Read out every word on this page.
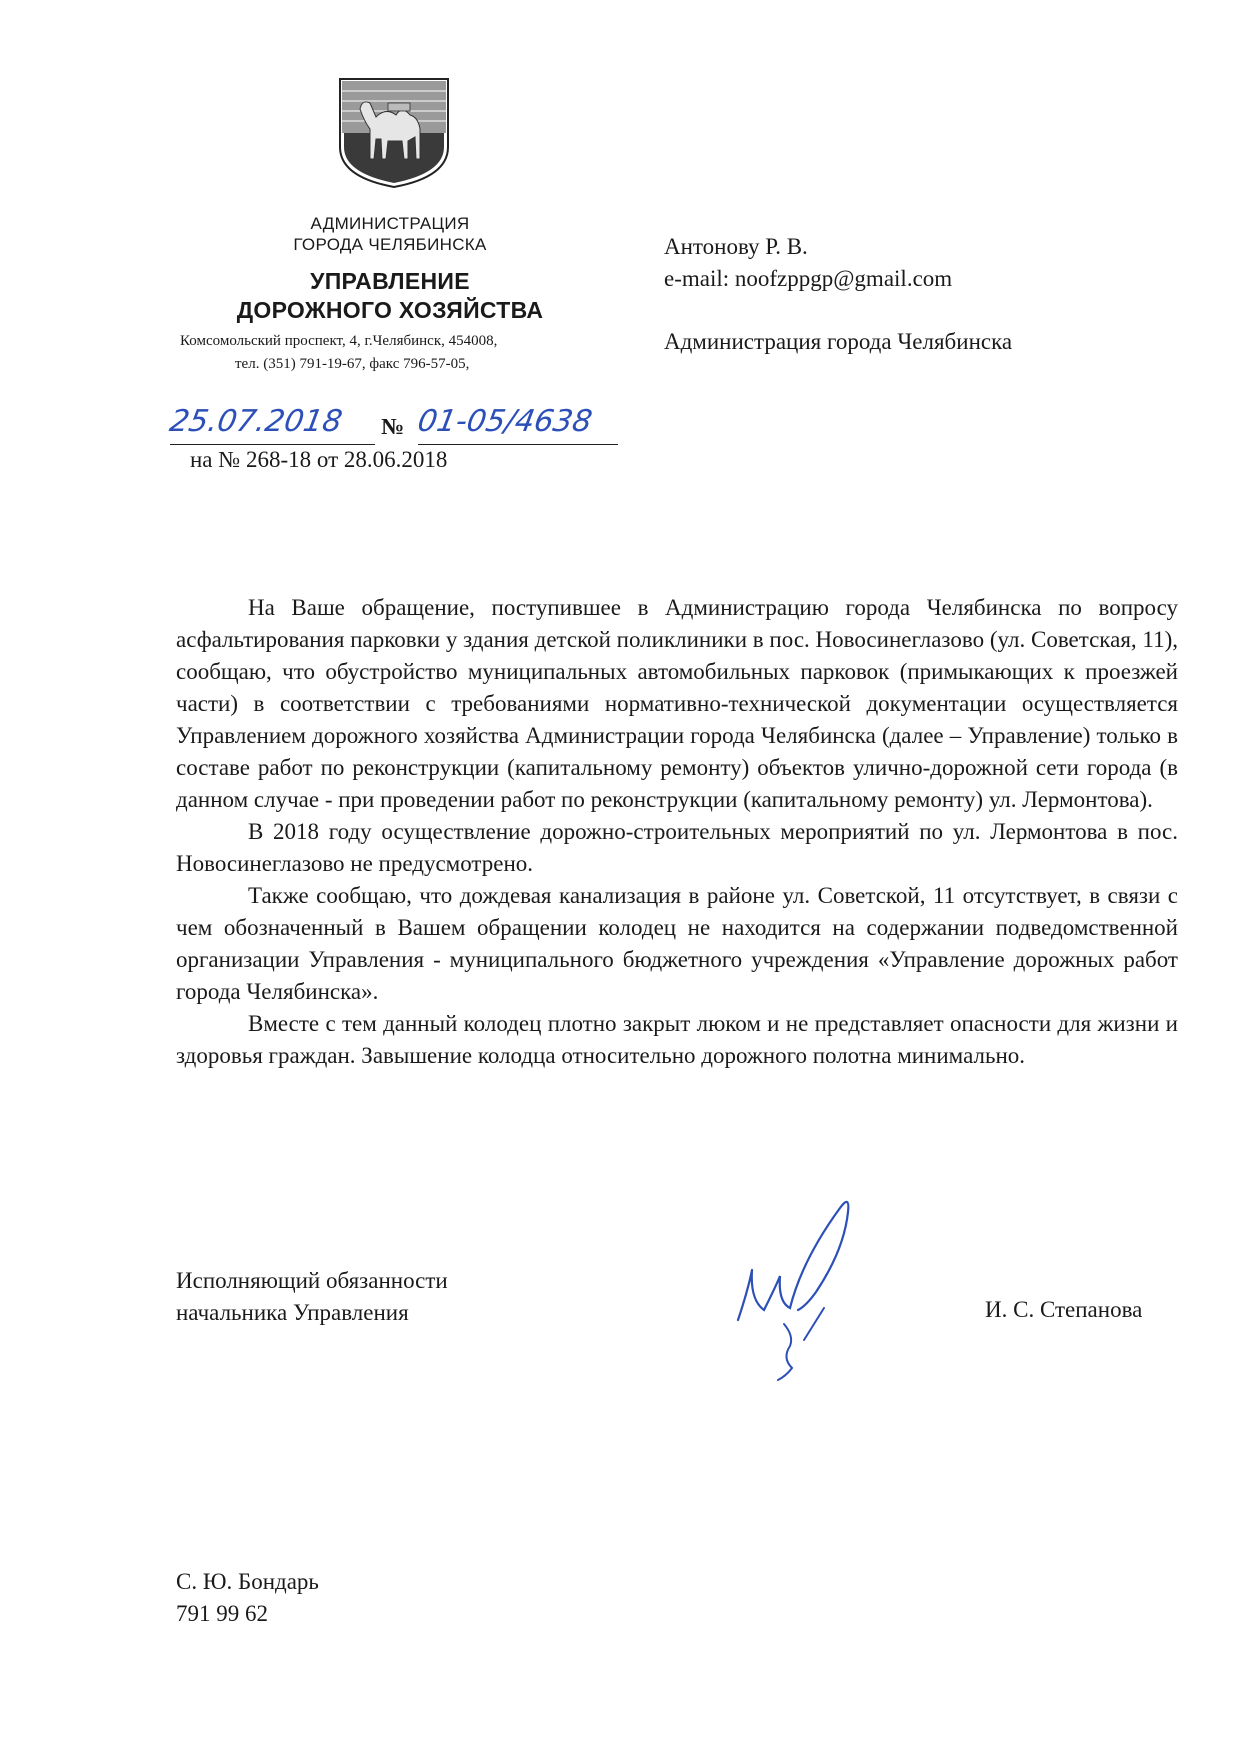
АДМИНИСТРАЦИЯ
ГОРОДА ЧЕЛЯБИНСКА
УПРАВЛЕНИЕ
ДОРОЖНОГО ХОЗЯЙСТВА
Комсомольский проспект, 4, г.Челябинск, 454008,
тел. (351) 791-19-67, факс 796-57-05,
Антонову Р. В.
e-mail: noofzppgp@gmail.com
Администрация города Челябинска
25.07.2018	№ 01-05/4638
на № 268-18 от 28.06.2018

На Ваше обращение, поступившее в Администрацию города Челябинска по вопросу асфальтирования парковки у здания детской поликлиники в пос. Новосинеглазово (ул. Советская, 11), сообщаю, что обустройство муниципальных автомобильных парковок (примыкающих к проезжей части) в соответствии с требованиями нормативно-технической документации осуществляется Управлением дорожного хозяйства Администрации города Челябинска (далее – Управление) только в составе работ по реконструкции (капитальному ремонту) объектов улично-дорожной сети города (в данном случае - при проведении работ по реконструкции (капитальному ремонту) ул. Лермонтова).

В 2018 году осуществление дорожно-строительных мероприятий по ул. Лермонтова в пос. Новосинеглазово не предусмотрено.

Также сообщаю, что дождевая канализация в районе ул. Советской, 11 отсутствует, в связи с чем обозначенный в Вашем обращении колодец не находится на содержании подведомственной организации Управления - муниципального бюджетного учреждения «Управление дорожных работ города Челябинска».

Вместе с тем данный колодец плотно закрыт люком и не представляет опасности для жизни и здоровья граждан. Завышение колодца относительно дорожного полотна минимально.

Исполняющий обязанности
начальника Управления	И. С. Степанова
С. Ю. Бондарь
791 99 62
